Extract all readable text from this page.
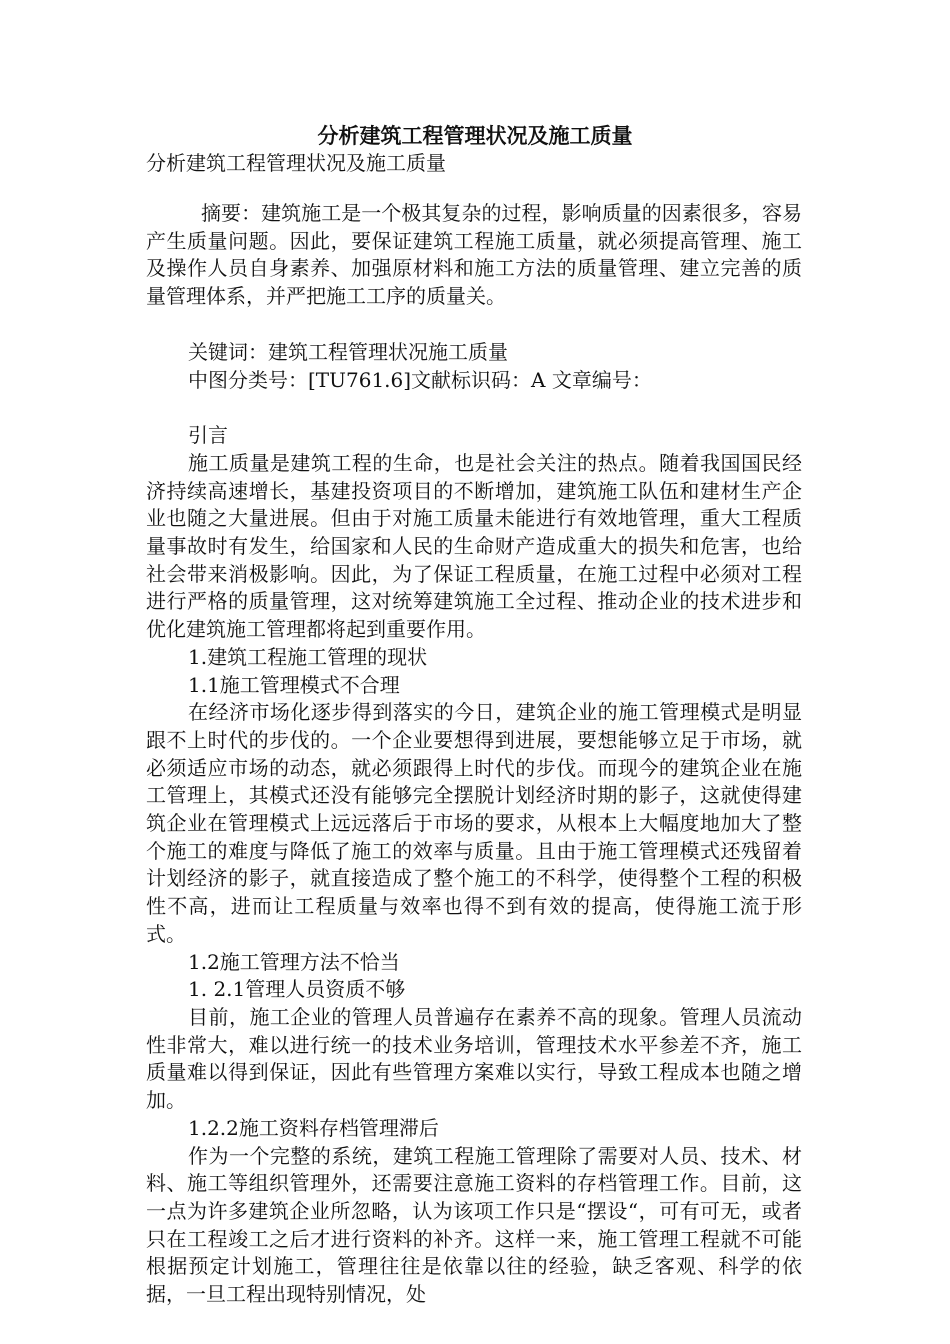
分析建筑工程管理状况及施工质量
分析建筑工程管理状况及施工质量

摘要：建筑施工是一个极其复杂的过程，影响质量的因素很多，容易产生质量问题。因此，要保证建筑工程施工质量，就必须提高管理、施工及操作人员自身素养、加强原材料和施工方法的质量管理、建立完善的质量管理体系，并严把施工工序的质量关。

关键词：建筑工程管理状况施工质量

中图分类号：[TU761.6]文献标识码：A 文章编号：

引言

施工质量是建筑工程的生命，也是社会关注的热点。随着我国国民经济持续高速增长，基建投资项目的不断增加，建筑施工队伍和建材生产企业也随之大量进展。但由于对施工质量未能进行有效地管理，重大工程质量事故时有发生，给国家和人民的生命财产造成重大的损失和危害，也给社会带来消极影响。因此，为了保证工程质量，在施工过程中必须对工程进行严格的质量管理，这对统筹建筑施工全过程、推动企业的技术进步和优化建筑施工管理都将起到重要作用。

1.建筑工程施工管理的现状

1.1施工管理模式不合理

在经济市场化逐步得到落实的今日，建筑企业的施工管理模式是明显跟不上时代的步伐的。一个企业要想得到进展，要想能够立足于市场，就必须适应市场的动态，就必须跟得上时代的步伐。而现今的建筑企业在施工管理上，其模式还没有能够完全摆脱计划经济时期的影子，这就使得建筑企业在管理模式上远远落后于市场的要求，从根本上大幅度地加大了整个施工的难度与降低了施工的效率与质量。且由于施工管理模式还残留着计划经济的影子，就直接造成了整个施工的不科学，使得整个工程的积极性不高，进而让工程质量与效率也得不到有效的提高，使得施工流于形式。

1.2施工管理方法不恰当

1. 2.1管理人员资质不够

目前，施工企业的管理人员普遍存在素养不高的现象。管理人员流动性非常大，难以进行统一的技术业务培训，管理技术水平参差不齐，施工质量难以得到保证，因此有些管理方案难以实行，导致工程成本也随之增加。

1.2.2施工资料存档管理滞后

作为一个完整的系统，建筑工程施工管理除了需要对人员、技术、材料、施工等组织管理外，还需要注意施工资料的存档管理工作。目前，这一点为许多建筑企业所忽略，认为该项工作只是“摆设“，可有可无，或者只在工程竣工之后才进行资料的补齐。这样一来，施工管理工程就不可能根据预定计划施工，管理往往是依靠以往的经验，缺乏客观、科学的依据，一旦工程出现特别情况，处
